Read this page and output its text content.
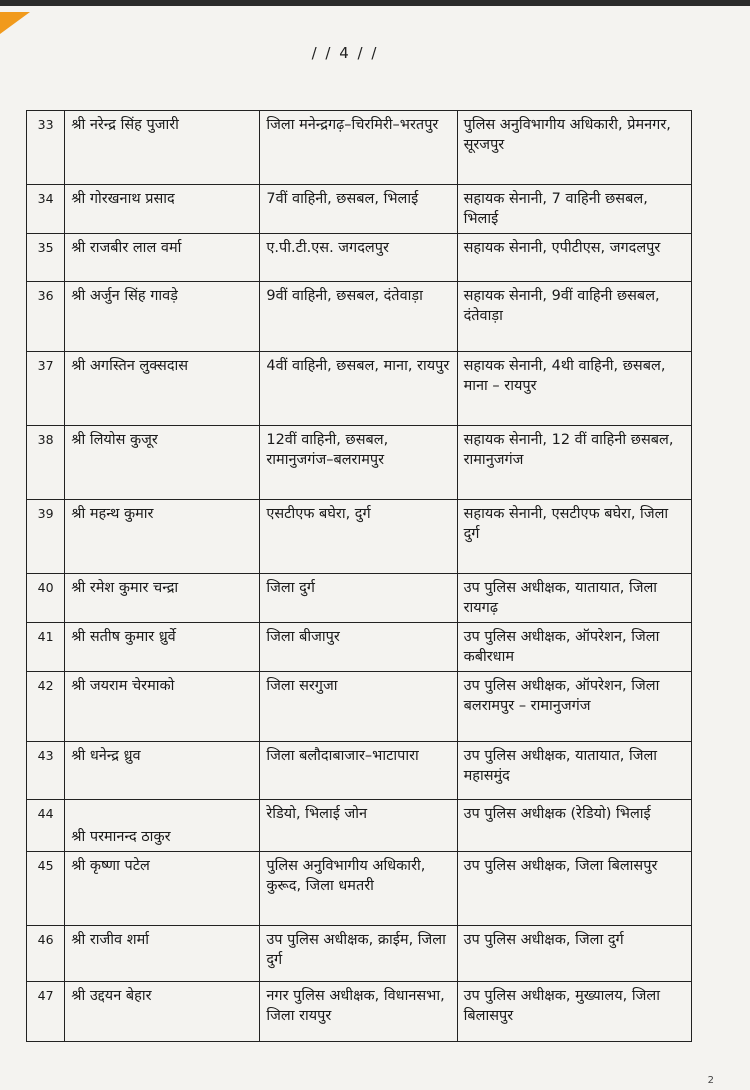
/ / 4 / /
33	श्री नरेन्द्र सिंह पुजारी	जिला मनेन्द्रगढ़–चिरमिरी–भरतपुर	पुलिस अनुविभागीय अधिकारी, प्रेमनगर, सूरजपुर
34	श्री गोरखनाथ प्रसाद	7वीं वाहिनी, छसबल, भिलाई	सहायक सेनानी, 7 वाहिनी छसबल, भिलाई
35	श्री राजबीर लाल वर्मा	ए.पी.टी.एस. जगदलपुर	सहायक सेनानी, एपीटीएस, जगदलपुर
36	श्री अर्जुन सिंह गावड़े	9वीं वाहिनी, छसबल, दंतेवाड़ा	सहायक सेनानी, 9वीं वाहिनी छसबल, दंतेवाड़ा
37	श्री अगस्तिन लुक्सदास	4वीं वाहिनी, छसबल, माना, रायपुर	सहायक सेनानी, 4थी वाहिनी, छसबल, माना – रायपुर
38	श्री लियोस कुजूर	12वीं वाहिनी, छसबल, रामानुजगंज–बलरामपुर	सहायक सेनानी, 12 वीं वाहिनी छसबल, रामानुजगंज
39	श्री महन्थ कुमार	एसटीएफ बघेरा, दुर्ग	सहायक सेनानी, एसटीएफ बघेरा, जिला दुर्ग
40	श्री रमेश कुमार चन्द्रा	जिला दुर्ग	उप पुलिस अधीक्षक, यातायात, जिला रायगढ़
41	श्री सतीष कुमार ध्रुर्वे	जिला बीजापुर	उप पुलिस अधीक्षक, ऑपरेशन, जिला कबीरधाम
42	श्री जयराम चेरमाको	जिला सरगुजा	उप पुलिस अधीक्षक, ऑपरेशन, जिला बलरामपुर – रामानुजगंज
43	श्री धनेन्द्र ध्रुव	जिला बलौदाबाजार–भाटापारा	उप पुलिस अधीक्षक, यातायात, जिला महासमुंद
44	श्री परमानन्द ठाकुर	रेडियो, भिलाई जोन	उप पुलिस अधीक्षक (रेडियो) भिलाई
45	श्री कृष्णा पटेल	पुलिस अनुविभागीय अधिकारी, कुरूद, जिला धमतरी	उप पुलिस अधीक्षक, जिला बिलासपुर
46	श्री राजीव शर्मा	उप पुलिस अधीक्षक, क्राईम, जिला दुर्ग	उप पुलिस अधीक्षक, जिला दुर्ग
47	श्री उद्दयन बेहार	नगर पुलिस अधीक्षक, विधानसभा, जिला रायपुर	उप पुलिस अधीक्षक, मुख्यालय, जिला बिलासपुर
2
